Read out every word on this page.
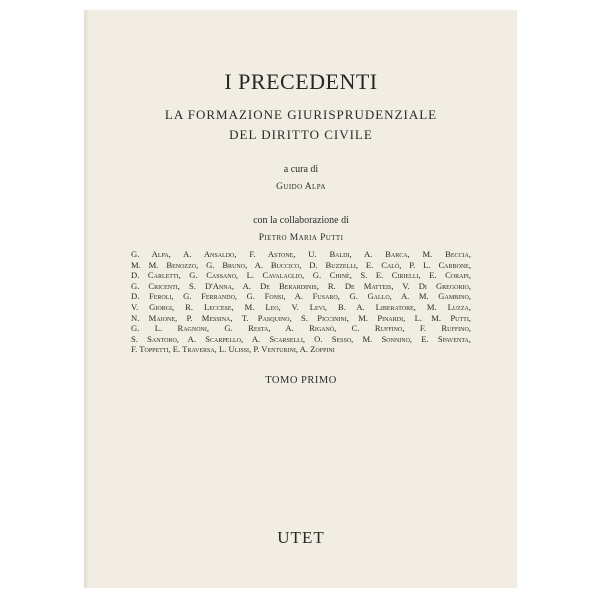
I PRECEDENTI
LA FORMAZIONE GIURISPRUDENZIALE
DEL DIRITTO CIVILE
a cura di
Guido Alpa
con la collaborazione di
Pietro Maria Putti
G. Alpa, A. Ansaldo, F. Astone, U. Baldi, A. Barca, M. Beccia,
M. M. Benozzo, G. Bruno, A. Buccico, D. Buzzelli, E. Calò, P. L. Carbone,
D. Carletti, G. Cassano, L. Cavalaglio, G. Chinè, S. E. Cirielli, E. Corapi,
G. Cricenti, S. D'Anna, A. De Berardinis, R. De Matteis, V. Di Gregorio,
D. Feroli, G. Ferrando, G. Fonsi, A. Fusaro, G. Gallo, A. M. Gambino,
V. Giorgi, R. Leccese, M. Leo, V. Levi, B. A. Liberatore, M. Luzza,
N. Maione, P. Messina, T. Pasquino, S. Piccinini, M. Pinardi, L. M. Putti,
G. L. Ragnoni, G. Resta, A. Riganò, C. Ruffino, F. Ruffino,
S. Santoro, A. Scarpello, A. Scarselli, O. Sesso, M. Sonnino, E. Spaventa,
F. Toppetti, E. Traversa, L. Ulissi, P. Venturini, A. Zoppini
TOMO PRIMO
UTET
